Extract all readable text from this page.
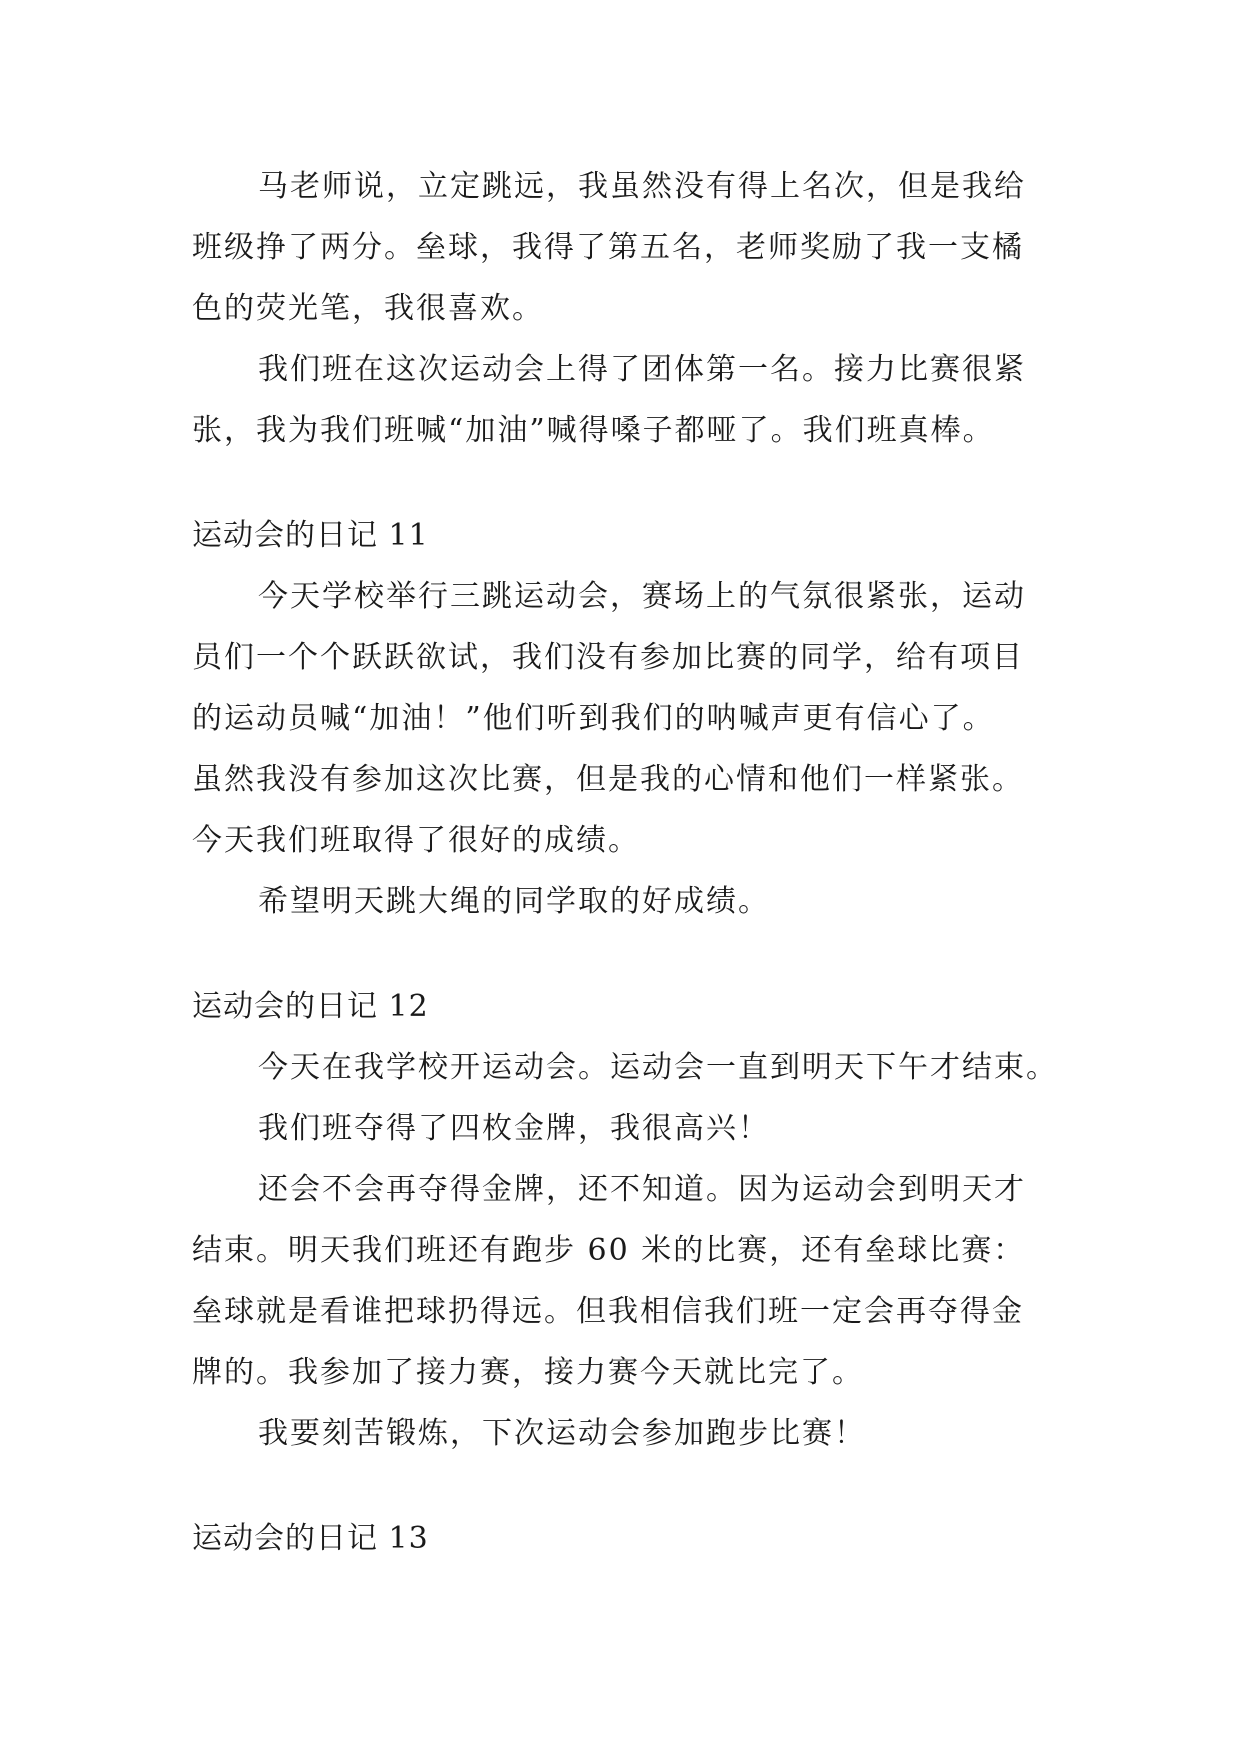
马老师说，立定跳远，我虽然没有得上名次，但是我给
班级挣了两分。垒球，我得了第五名，老师奖励了我一支橘
色的荧光笔，我很喜欢。
我们班在这次运动会上得了团体第一名。接力比赛很紧
张，我为我们班喊“加油”喊得嗓子都哑了。我们班真棒。
运动会的日记 11
今天学校举行三跳运动会，赛场上的气氛很紧张，运动
员们一个个跃跃欲试，我们没有参加比赛的同学，给有项目
的运动员喊“加油！”他们听到我们的呐喊声更有信心了。
虽然我没有参加这次比赛，但是我的心情和他们一样紧张。
今天我们班取得了很好的成绩。
希望明天跳大绳的同学取的好成绩。
运动会的日记 12
今天在我学校开运动会。运动会一直到明天下午才结束。
我们班夺得了四枚金牌，我很高兴！
还会不会再夺得金牌，还不知道。因为运动会到明天才
结束。明天我们班还有跑步 60 米的比赛，还有垒球比赛：
垒球就是看谁把球扔得远。但我相信我们班一定会再夺得金
牌的。我参加了接力赛，接力赛今天就比完了。
我要刻苦锻炼，下次运动会参加跑步比赛！
运动会的日记 13
